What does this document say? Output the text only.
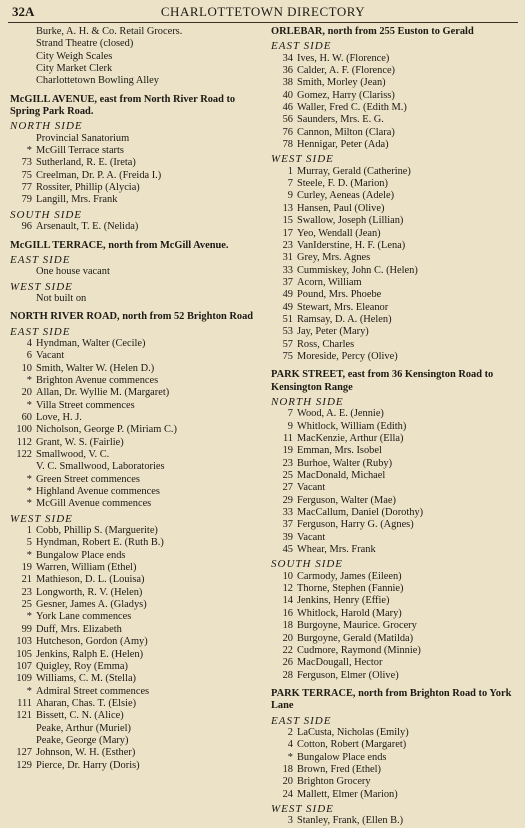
32A	CHARLOTTETOWN DIRECTORY
Burke, A. H. & Co. Retail Grocers.
Strand Theatre (closed)
City Weigh Scales
City Market Clerk
Charlottetown Bowling Alley
McGILL AVENUE, east from North River Road to Spring Park Road.
NORTH SIDE
Provincial Sanatorium
* McGill Terrace starts
73 Sutherland, R. E. (Ireta)
75 Creelman, Dr. P. A. (Freida I.)
77 Rossiter, Phillip (Alycia)
79 Langill, Mrs. Frank
SOUTH SIDE
96 Arsenault, T. E. (Nelida)
McGILL TERRACE, north from McGill Avenue.
EAST SIDE
One house vacant
WEST SIDE
Not built on
NORTH RIVER ROAD, north from 52 Brighton Road
EAST SIDE
4 Hyndman, Walter (Cecile)
6 Vacant
10 Smith, Walter W. (Helen D.)
* Brighton Avenue commences
20 Allan, Dr. Wyllie M. (Margaret)
* Villa Street commences
60 Love, H. J.
100 Nicholson, George P. (Miriam C.)
112 Grant, W. S. (Fairlie)
122 Smallwood, V. C.
V. C. Smallwood, Laboratories
* Green Street commences
* Highland Avenue commences
* McGill Avenue commences
WEST SIDE
1 Cobb, Phillip S. (Marguerite)
5 Hyndman, Robert E. (Ruth B.)
* Bungalow Place ends
19 Warren, William (Ethel)
21 Mathieson, D. L. (Louisa)
23 Longworth, R. V. (Helen)
25 Gesner, James A. (Gladys)
* York Lane commences
99 Duff, Mrs. Elizabeth
103 Hutcheson, Gordon (Amy)
105 Jenkins, Ralph E. (Helen)
107 Quigley, Roy (Emma)
109 Williams, C. M. (Stella)
* Admiral Street commences
111 Aharan, Chas. T. (Elsie)
121 Bissett, C. N. (Alice)
Peake, Arthur (Muriel)
Peake, George (Mary)
127 Johnson, W. H. (Esther)
129 Pierce, Dr. Harry (Doris)
ORLEBAR, north from 255 Euston to Gerald
EAST SIDE
34 Ives, H. W. (Florence)
36 Calder, A. F. (Florence)
38 Smith, Morley (Jean)
40 Gomez, Harry (Clariss)
46 Waller, Fred C. (Edith M.)
56 Saunders, Mrs. E. G.
76 Cannon, Milton (Clara)
78 Hennigar, Peter (Ada)
WEST SIDE
1 Murray, Gerald (Catherine)
7 Steele, F. D. (Marion)
9 Curley, Aeneas (Adele)
13 Hansen, Paul (Olive)
15 Swallow, Joseph (Lillian)
17 Yeo, Wendall (Jean)
23 VanIderstine, H. F. (Lena)
31 Grey, Mrs. Agnes
33 Cummiskey, John C. (Helen)
37 Acorn, William
49 Pound, Mrs. Phoebe
49 Stewart, Mrs. Eleanor
51 Ramsay, D. A. (Helen)
53 Jay, Peter (Mary)
57 Ross, Charles
75 Moreside, Percy (Olive)
PARK STREET, east from 36 Kensington Road to Kensington Range
NORTH SIDE
7 Wood, A. E. (Jennie)
9 Whitlock, William (Edith)
11 MacKenzie, Arthur (Ella)
19 Emman, Mrs. Isobel
23 Burhoe, Walter (Ruby)
25 MacDonald, Michael
27 Vacant
29 Ferguson, Walter (Mae)
33 MacCallum, Daniel (Dorothy)
37 Ferguson, Harry G. (Agnes)
39 Vacant
45 Whear, Mrs. Frank
SOUTH SIDE
10 Carmody, James (Eileen)
12 Thorne, Stephen (Fannie)
14 Jenkins, Henry (Effie)
16 Whitlock, Harold (Mary)
18 Burgoyne, Maurice. Grocery
20 Burgoyne, Gerald (Matilda)
22 Cudmore, Raymond (Minnie)
26 MacDougall, Hector
28 Ferguson, Elmer (Olive)
PARK TERRACE, north from Brighton Road to York Lane
EAST SIDE
2 LaCusta, Nicholas (Emily)
4 Cotton, Robert (Margaret)
* Bungalow Place ends
18 Brown, Fred (Ethel)
20 Brighton Grocery
24 Mallett, Elmer (Marion)
WEST SIDE
3 Stanley, Frank, (Ellen B.)
